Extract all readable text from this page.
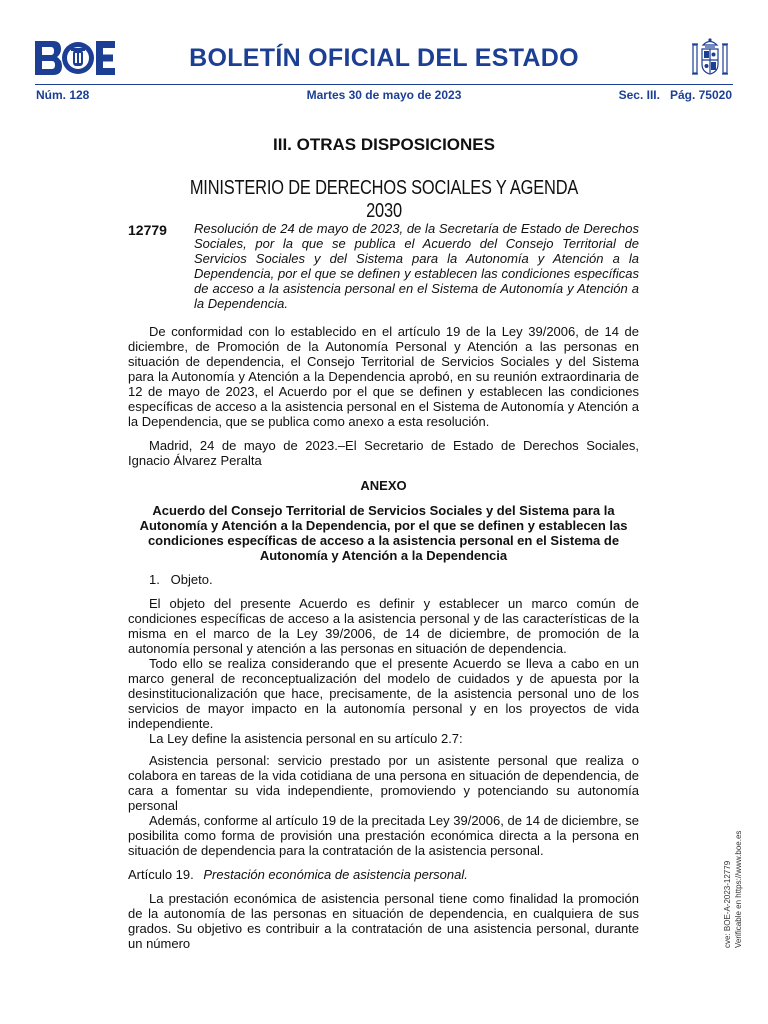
BOLETÍN OFICIAL DEL ESTADO
Núm. 128	Martes 30 de mayo de 2023	Sec. III.   Pág. 75020
III. OTRAS DISPOSICIONES
MINISTERIO DE DERECHOS SOCIALES Y AGENDA 2030
12779 Resolución de 24 de mayo de 2023, de la Secretaría de Estado de Derechos Sociales, por la que se publica el Acuerdo del Consejo Territorial de Servicios Sociales y del Sistema para la Autonomía y Atención a la Dependencia, por el que se definen y establecen las condiciones específicas de acceso a la asistencia personal en el Sistema de Autonomía y Atención a la Dependencia.

De conformidad con lo establecido en el artículo 19 de la Ley 39/2006, de 14 de diciembre, de Promoción de la Autonomía Personal y Atención a las personas en situación de dependencia, el Consejo Territorial de Servicios Sociales y del Sistema para la Autonomía y Atención a la Dependencia aprobó, en su reunión extraordinaria de 12 de mayo de 2023, el Acuerdo por el que se definen y establecen las condiciones específicas de acceso a la asistencia personal en el Sistema de Autonomía y Atención a la Dependencia, que se publica como anexo a esta resolución.

Madrid, 24 de mayo de 2023.–El Secretario de Estado de Derechos Sociales, Ignacio Álvarez Peralta

ANEXO

Acuerdo del Consejo Territorial de Servicios Sociales y del Sistema para la Autonomía y Atención a la Dependencia, por el que se definen y establecen las condiciones específicas de acceso a la asistencia personal en el Sistema de Autonomía y Atención a la Dependencia

1.   Objeto.

El objeto del presente Acuerdo es definir y establecer un marco común de condiciones específicas de acceso a la asistencia personal y de las características de la misma en el marco de la Ley 39/2006, de 14 de diciembre, de promoción de la autonomía personal y atención a las personas en situación de dependencia.

Todo ello se realiza considerando que el presente Acuerdo se lleva a cabo en un marco general de reconceptualización del modelo de cuidados y de apuesta por la desinstitucionalización que hace, precisamente, de la asistencia personal uno de los servicios de mayor impacto en la autonomía personal y en los proyectos de vida independiente.

La Ley define la asistencia personal en su artículo 2.7:

Asistencia personal: servicio prestado por un asistente personal que realiza o colabora en tareas de la vida cotidiana de una persona en situación de dependencia, de cara a fomentar su vida independiente, promoviendo y potenciando su autonomía personal

Además, conforme al artículo 19 de la precitada Ley 39/2006, de 14 de diciembre, se posibilita como forma de provisión una prestación económica directa a la persona en situación de dependencia para la contratación de la asistencia personal.

Artículo 19. Prestación económica de asistencia personal.

La prestación económica de asistencia personal tiene como finalidad la promoción de la autonomía de las personas en situación de dependencia, en cualquiera de sus grados. Su objetivo es contribuir a la contratación de una asistencia personal, durante un número	cve: BOE-A-2023-12779 Verificable en https://www.boe.es
